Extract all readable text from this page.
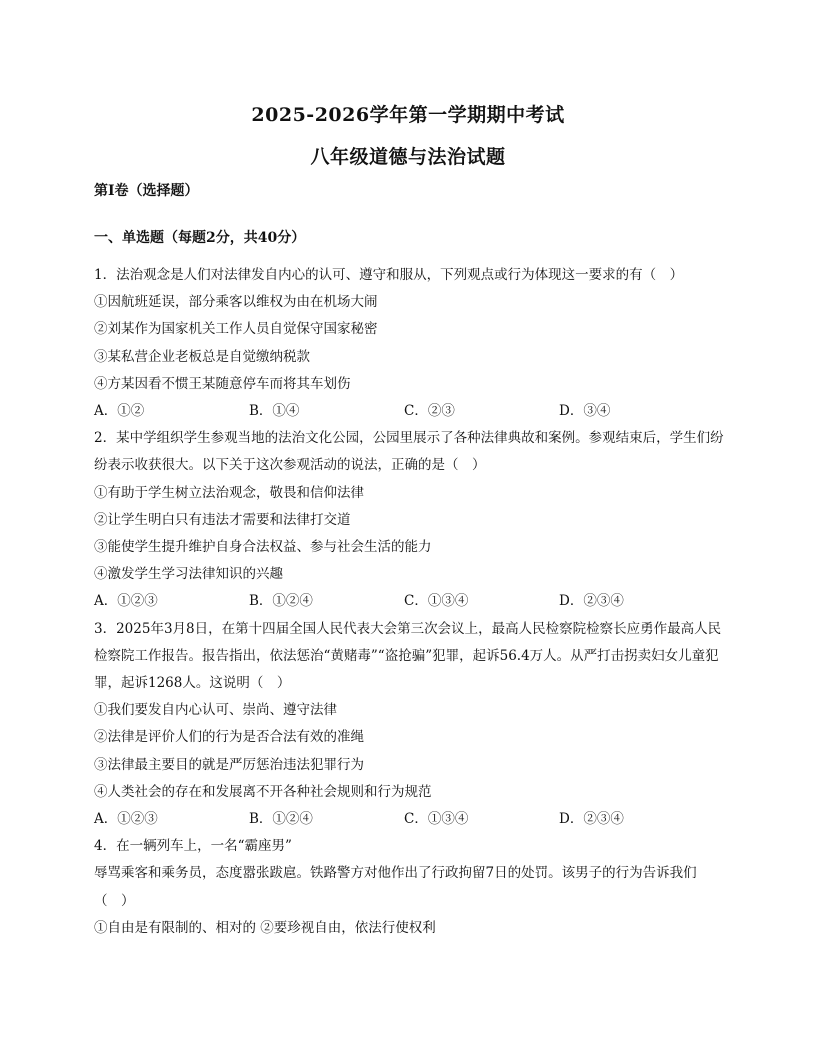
2025-2026学年第一学期期中考试
八年级道德与法治试题
第Ⅰ卷（选择题）
一、单选题（每题2分，共40分）
1．法治观念是人们对法律发自内心的认可、遵守和服从，下列观点或行为体现这一要求的有（　）
①因航班延误，部分乘客以维权为由在机场大闹
②刘某作为国家机关工作人员自觉保守国家秘密
③某私营企业老板总是自觉缴纳税款
④方某因看不惯王某随意停车而将其车划伤
A．①②	B．①④	C．②③	D．③④
2．某中学组织学生参观当地的法治文化公园，公园里展示了各种法律典故和案例。参观结束后，学生们纷纷表示收获很大。以下关于这次参观活动的说法，正确的是（　）
①有助于学生树立法治观念，敬畏和信仰法律
②让学生明白只有违法才需要和法律打交道
③能使学生提升维护自身合法权益、参与社会生活的能力
④激发学生学习法律知识的兴趣
A．①②③	B．①②④	C．①③④	D．②③④
3．2025年3月8日，在第十四届全国人民代表大会第三次会议上，最高人民检察院检察长应勇作最高人民检察院工作报告。报告指出，依法惩治“黄赌毒”“盗抢骗”犯罪，起诉56.4万人。从严打击拐卖妇女儿童犯罪，起诉1268人。这说明（　）
①我们要发自内心认可、崇尚、遵守法律
②法律是评价人们的行为是否合法有效的准绳
③法律最主要目的就是严厉惩治违法犯罪行为
④人类社会的存在和发展离不开各种社会规则和行为规范
A．①②③	B．①②④	C．①③④	D．②③④
4．在一辆列车上，一名“霸座男”
辱骂乘客和乘务员，态度嚣张跋扈。铁路警方对他作出了行政拘留7日的处罚。该男子的行为告诉我们
（　）
①自由是有限制的、相对的 ②要珍视自由，依法行使权利
